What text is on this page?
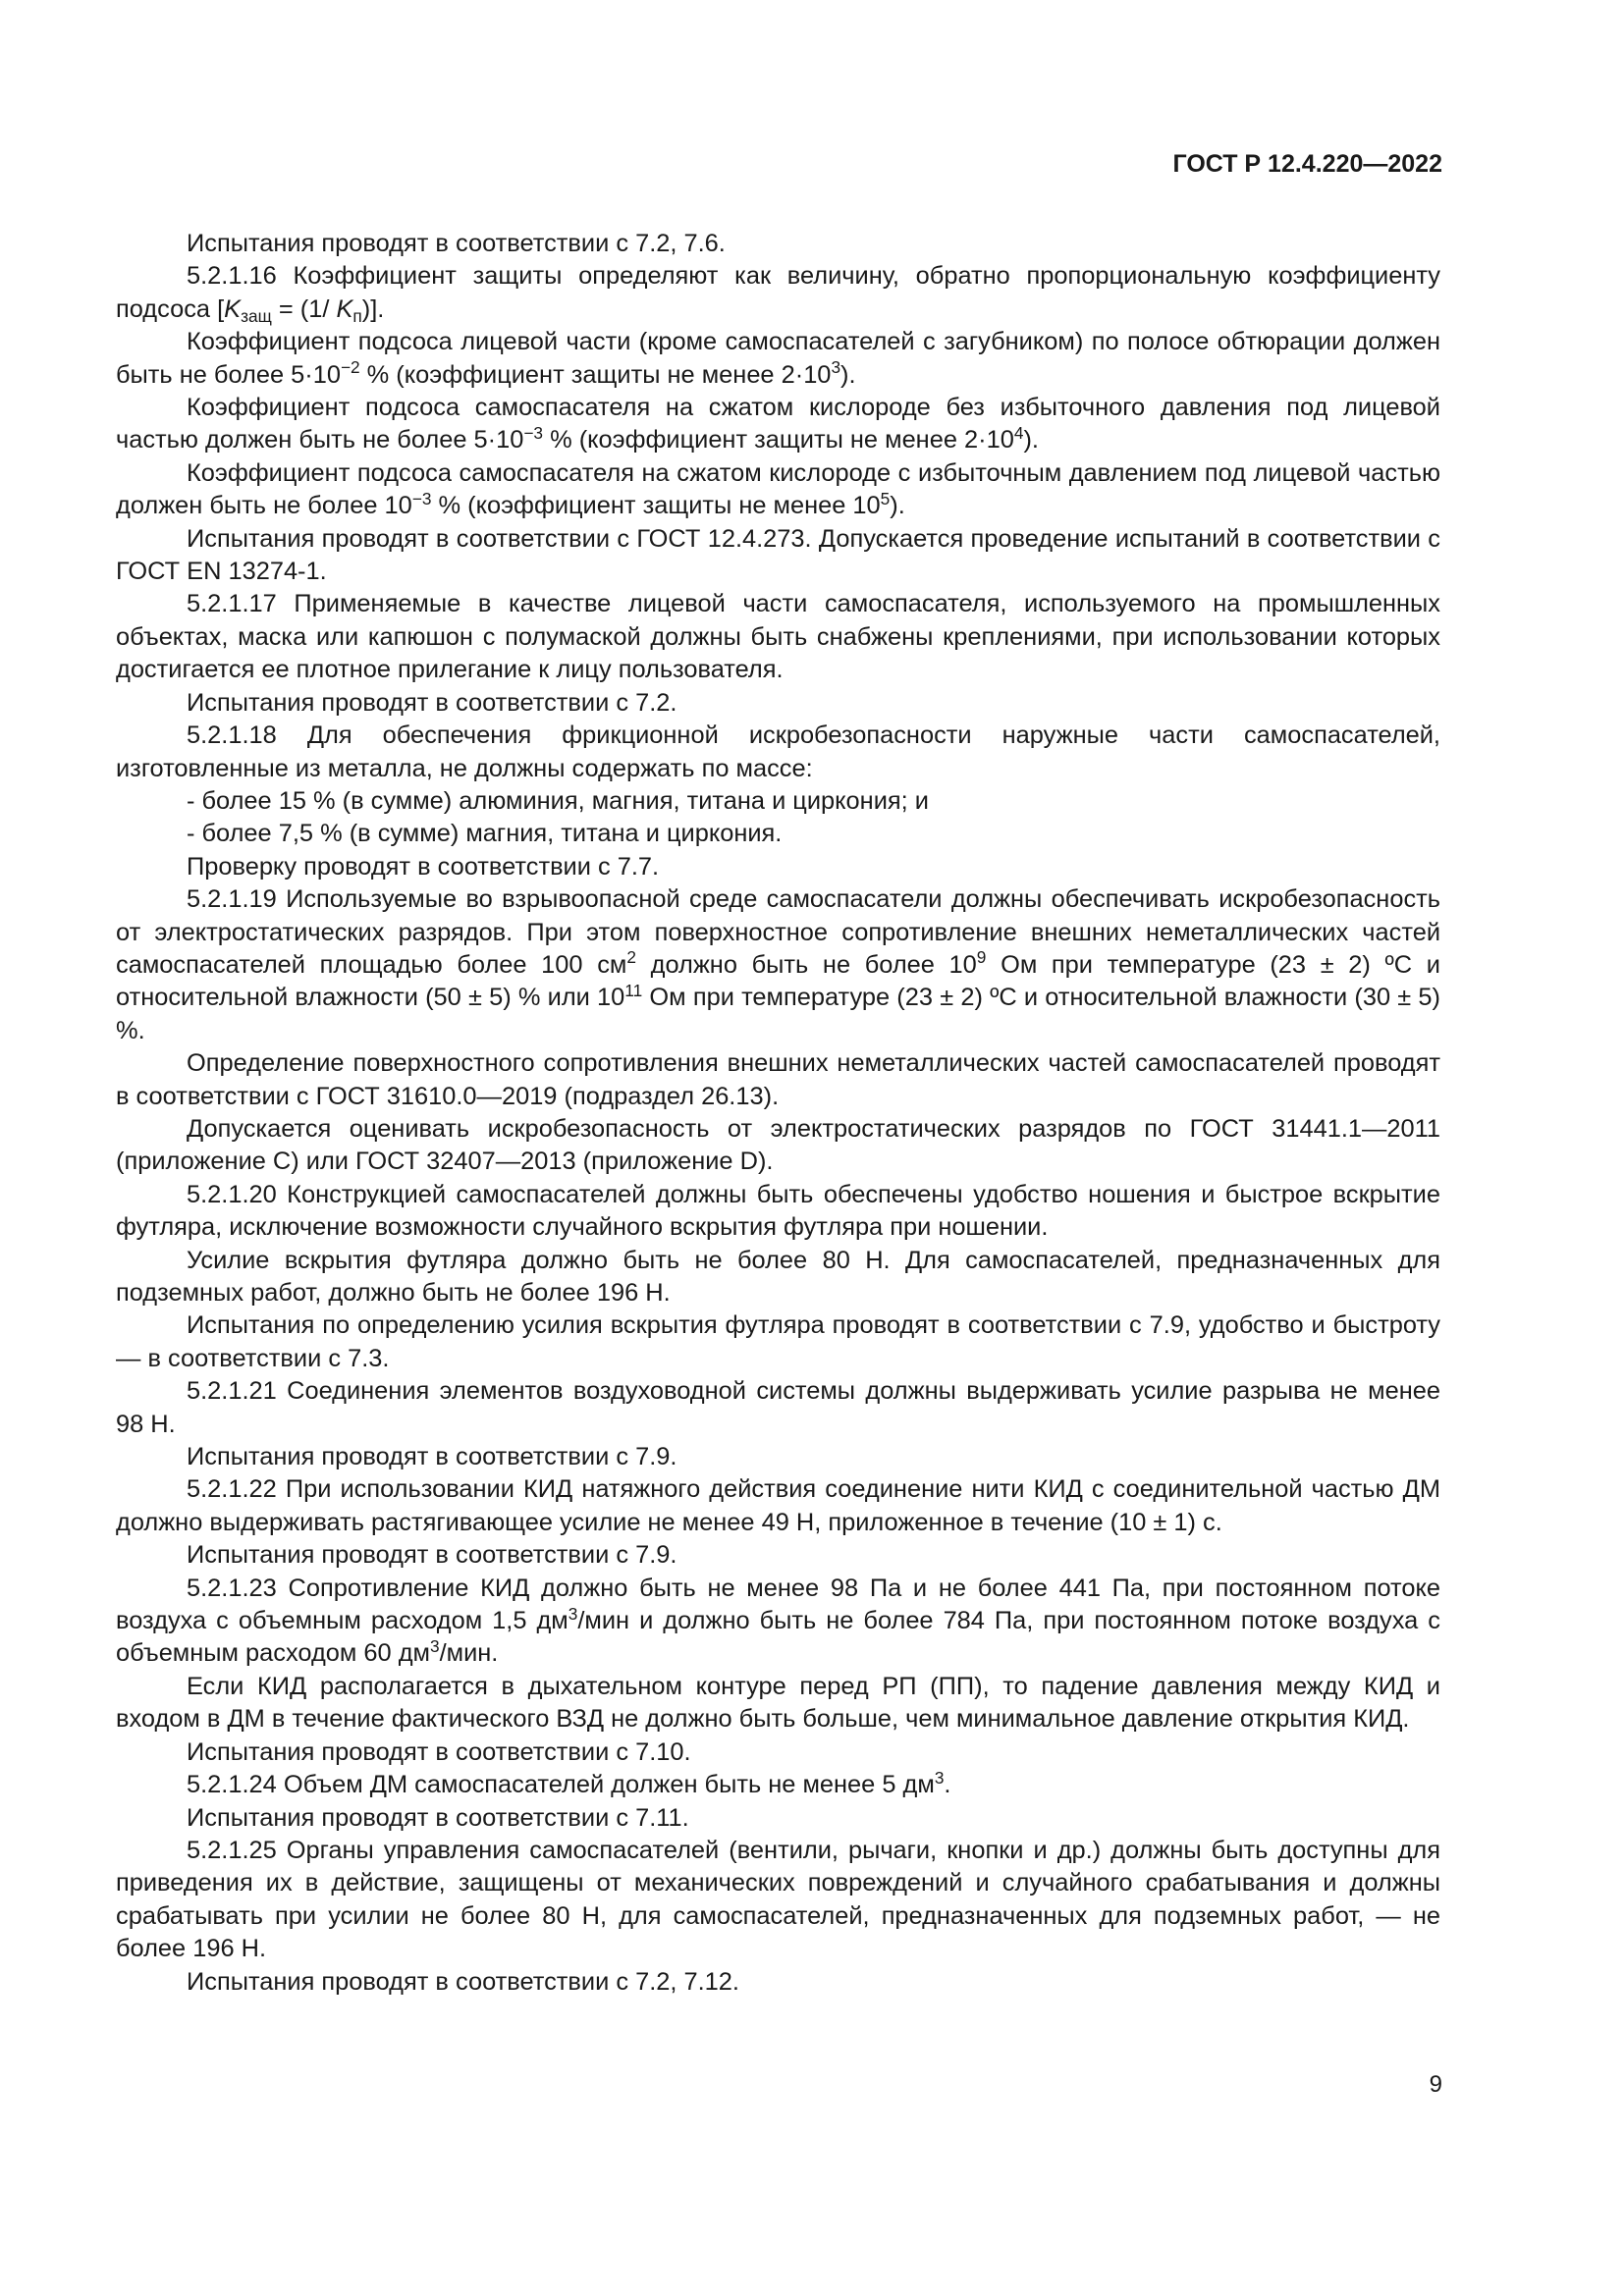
ГОСТ Р 12.4.220—2022

Испытания проводят в соответствии с 7.2, 7.6.

5.2.1.16 Коэффициент защиты определяют как величину, обратно пропорциональную коэффициенту подсоса [$K_{защ} = (1/$ $K_п$)].

Коэффициент подсоса лицевой части (кроме самоспасателей с загубником) по полосе обтюрации должен быть не более $5\cdot 10^{-2}$ % (коэффициент защиты не менее $2\cdot 10^3$).

Коэффициент подсоса самоспасателя на сжатом кислороде без избыточного давления под лицевой частью должен быть не более $5\cdot 10^{-3}$ % (коэффициент защиты не менее $2\cdot 10^4$).

Коэффициент подсоса самоспасателя на сжатом кислороде с избыточным давлением под лицевой частью должен быть не более $10^{-3}$ % (коэффициент защиты не менее $10^5$).

Испытания проводят в соответствии с ГОСТ 12.4.273. Допускается проведение испытаний в соответствии с ГОСТ EN 13274-1.

5.2.1.17 Применяемые в качестве лицевой части самоспасателя, используемого на промышленных объектах, маска или капюшон с полумаской должны быть снабжены креплениями, при использовании которых достигается ее плотное прилегание к лицу пользователя.

Испытания проводят в соответствии с 7.2.

5.2.1.18 Для обеспечения фрикционной искробезопасности наружные части самоспасателей, изготовленные из металла, не должны содержать по массе:

- более 15 % (в сумме) алюминия, магния, титана и циркония; и

- более 7,5 % (в сумме) магния, титана и циркония.

Проверку проводят в соответствии с 7.7.

5.2.1.19 Используемые во взрывоопасной среде самоспасатели должны обеспечивать искробезопасность от электростатических разрядов. При этом поверхностное сопротивление внешних неметаллических частей самоспасателей площадью более 100 $см^2$ должно быть не более $10^9$ Ом при температуре (23 ± 2) ºС и относительной влажности (50 ± 5) % или $10^{11}$ Ом при температуре (23 ± 2) ºС и относительной влажности (30 ± 5) %.

Определение поверхностного сопротивления внешних неметаллических частей самоспасателей проводят в соответствии с ГОСТ 31610.0—2019 (подраздел 26.13).

Допускается оценивать искробезопасность от электростатических разрядов по ГОСТ 31441.1—2011 (приложение С) или ГОСТ 32407—2013 (приложение D).

5.2.1.20 Конструкцией самоспасателей должны быть обеспечены удобство ношения и быстрое вскрытие футляра, исключение возможности случайного вскрытия футляра при ношении.

Усилие вскрытия футляра должно быть не более 80 Н. Для самоспасателей, предназначенных для подземных работ, должно быть не более 196 Н.

Испытания по определению усилия вскрытия футляра проводят в соответствии с 7.9, удобство и быстроту — в соответствии с 7.3.

5.2.1.21 Соединения элементов воздуховодной системы должны выдерживать усилие разрыва не менее 98 Н.

Испытания проводят в соответствии с 7.9.

5.2.1.22 При использовании КИД натяжного действия соединение нити КИД с соединительной частью ДМ должно выдерживать растягивающее усилие не менее 49 Н, приложенное в течение (10 ± 1) с.

Испытания проводят в соответствии с 7.9.

5.2.1.23 Сопротивление КИД должно быть не менее 98 Па и не более 441 Па, при постоянном потоке воздуха с объемным расходом 1,5 $дм^3$/мин и должно быть не более 784 Па, при постоянном потоке воздуха с объемным расходом 60 $дм^3$/мин.

Если КИД располагается в дыхательном контуре перед РП (ПП), то падение давления между КИД и входом в ДМ в течение фактического ВЗД не должно быть больше, чем минимальное давление открытия КИД.

Испытания проводят в соответствии с 7.10.

5.2.1.24 Объем ДМ самоспасателей должен быть не менее 5 $дм^3$.

Испытания проводят в соответствии с 7.11.

5.2.1.25 Органы управления самоспасателей (вентили, рычаги, кнопки и др.) должны быть доступны для приведения их в действие, защищены от механических повреждений и случайного срабатывания и должны срабатывать при усилии не более 80 Н, для самоспасателей, предназначенных для подземных работ, — не более 196 Н.

Испытания проводят в соответствии с 7.2, 7.12.

9
